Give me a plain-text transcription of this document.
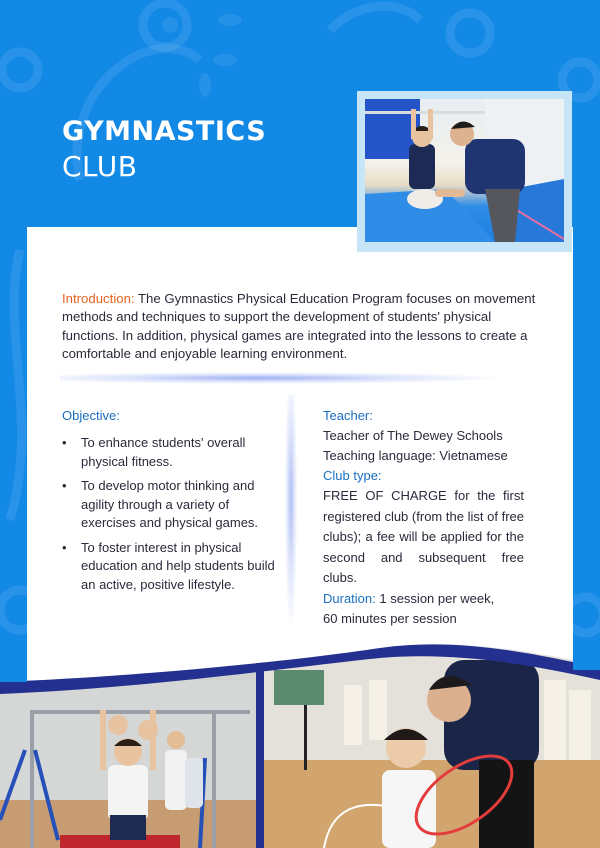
GYMNASTICS
CLUB

Introduction: The Gymnastics Physical Education Program focuses on movement methods and techniques to support the development of students' physical functions. In addition, physical games are integrated into the lessons to create a comfortable and enjoyable learning environment.

Objective:
• To enhance students' overall physical fitness.
• To develop motor thinking and agility through a variety of exercises and physical games.
• To foster interest in physical education and help students build an active, positive lifestyle.
Teacher:

Teacher of The Dewey Schools

Teaching language: Vietnamese

Club type:

FREE OF CHARGE for the first registered club (from the list of free clubs); a fee will be applied for the second and subsequent free clubs.

Duration: 1 session per week,

60 minutes per session
